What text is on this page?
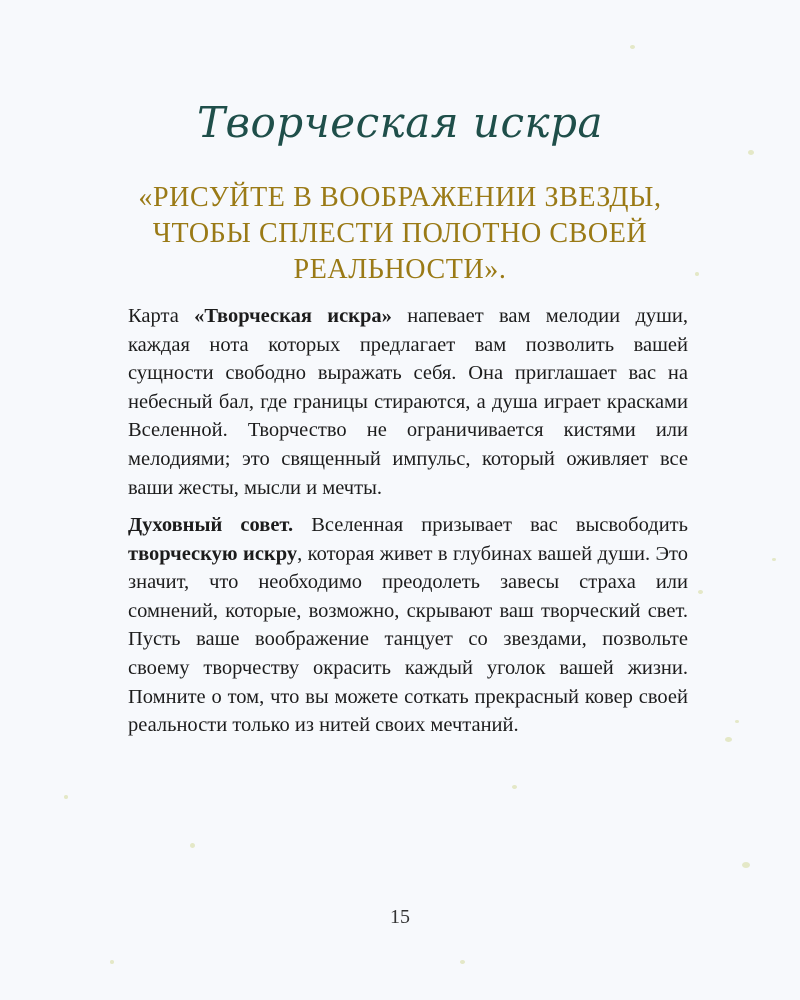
Творческая искра
«РИСУЙТЕ В ВООБРАЖЕНИИ ЗВЕЗДЫ, ЧТОБЫ СПЛЕСТИ ПОЛОТНО СВОЕЙ РЕАЛЬНОСТИ».
Карта «Творческая искра» напевает вам мелодии души, каждая нота которых предлагает вам позволить вашей сущности свободно выражать себя. Она приглашает вас на небесный бал, где границы стираются, а душа играет красками Вселенной. Творчество не ограничивается кистями или мелодиями; это священный импульс, который оживляет все ваши жесты, мысли и мечты.
Духовный совет. Вселенная призывает вас высвободить творческую искру, которая живет в глубинах вашей души. Это значит, что необходимо преодолеть завесы страха или сомнений, которые, возможно, скрывают ваш творческий свет. Пусть ваше воображение танцует со звездами, позвольте своему творчеству окрасить каждый уголок вашей жизни. Помните о том, что вы можете соткать прекрасный ковер своей реальности только из нитей своих мечтаний.
15
